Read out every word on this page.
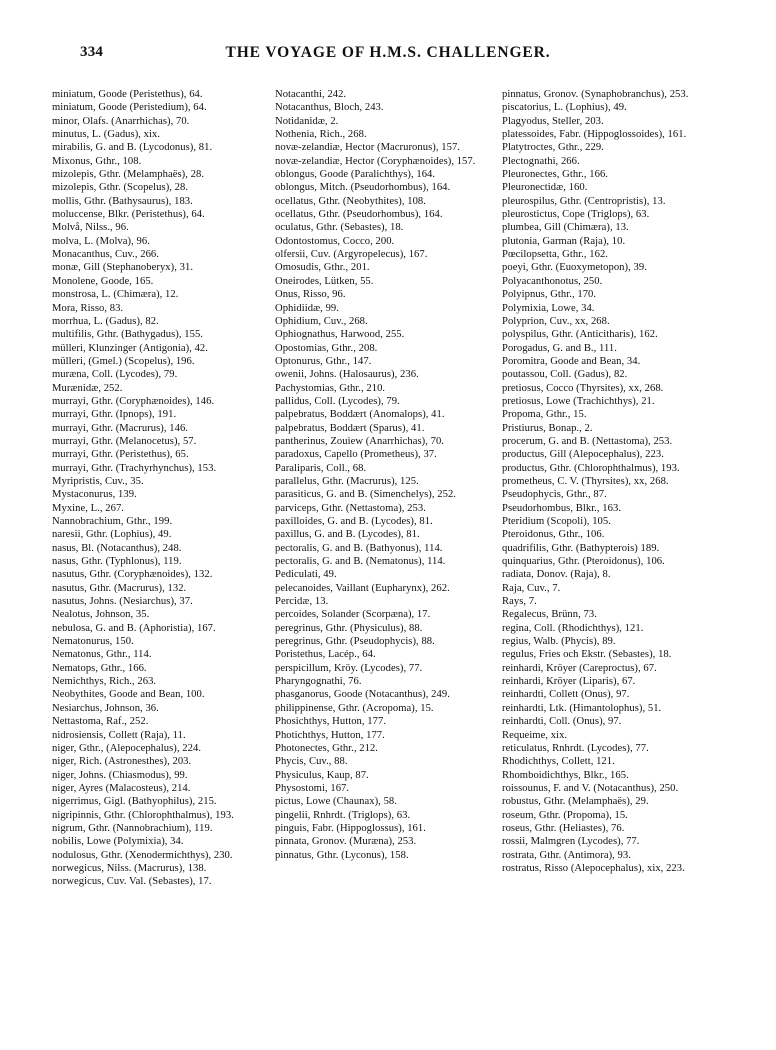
334	THE VOYAGE OF H.M.S. CHALLENGER.
miniatum, Goode (Peristethus), 64.
miniatum, Goode (Peristedium), 64.
minor, Olafs. (Anarrhichas), 70.
minutus, L. (Gadus), xix.
mirabilis, G. and B. (Lycodonus), 81.
Mixonus, Gthr., 108.
mizolepis, Gthr. (Melamphaës), 28.
mizolepis, Gthr. (Scopelus), 28.
mollis, Gthr. (Bathysaurus), 183.
moluccense, Blkr. (Peristethus), 64.
Molvå, Nilss., 96.
molva, L. (Molva), 96.
Monacanthus, Cuv., 266.
monæ, Gill (Stephanoberyx), 31.
Monolene, Goode, 165.
monstrosa, L. (Chimæra), 12.
Mora, Risso, 83.
morrhua, L. (Gadus), 82.
multifilis, Gthr. (Bathygadus), 155.
mülleri, Klunzinger (Antigonia), 42.
mülleri, (Gmel.) (Scopelus), 196.
muræna, Coll. (Lycodes), 79.
Murænidæ, 252.
murrayi, Gthr. (Coryphænoides), 146.
murrayi, Gthr. (Ipnops), 191.
murrayi, Gthr. (Macrurus), 146.
murrayi, Gthr. (Melanocetus), 57.
murrayi, Gthr. (Peristethus), 65.
murrayi, Gthr. (Trachyrhynchus), 153.
Myripristis, Cuv., 35.
Mystaconurus, 139.
Myxine, L., 267.
Nannobrachium, Gthr., 199.
naresii, Gthr. (Lophius), 49.
nasus, Bl. (Notacanthus), 248.
nasus, Gthr. (Typhlonus), 119.
nasutus, Gthr. (Coryphænoides), 132.
nasutus, Gthr. (Macrurus), 132.
nasutus, Johns. (Nesiarchus), 37.
Nealotus, Johnson, 35.
nebulosa, G. and B. (Aphoristia), 167.
Nematonurus, 150.
Nematonus, Gthr., 114.
Nematops, Gthr., 166.
Nemichthys, Rich., 263.
Neobythites, Goode and Bean, 100.
Nesiarchus, Johnson, 36.
Nettastoma, Raf., 252.
nidrosiensis, Collett (Raja), 11.
niger, Gthr., (Alepocephalus), 224.
niger, Rich. (Astronesthes), 203.
niger, Johns. (Chiasmodus), 99.
niger, Ayres (Malacosteus), 214.
nigerrimus, Gigl. (Bathyophilus), 215.
nigripinnis, Gthr. (Chlorophthalmus), 193.
nigrum, Gthr. (Nannobrachium), 119.
nobilis, Lowe (Polymixia), 34.
nodulosus, Gthr. (Xenodermichthys), 230.
norwegicus, Nilss. (Macrurus), 138.
norwegicus, Cuv. Val. (Sebastes), 17.
Notacanthi, 242.
Notacanthus, Bloch, 243.
Notidanidæ, 2.
Nothenia, Rich., 268.
novæ-zelandiæ, Hector (Macruronus), 157.
novæ-zelandiæ, Hector (Coryphænoides), 157.
oblongus, Goode (Paralichthys), 164.
oblongus, Mitch. (Pseudorhombus), 164.
ocellatus, Gthr. (Neobythites), 108.
ocellatus, Gthr. (Pseudorhombus), 164.
oculatus, Gthr. (Sebastes), 18.
Odontostomus, Cocco, 200.
olfersii, Cuv. (Argyropelecus), 167.
Omosudis, Gthr., 201.
Oneirodes, Lütken, 55.
Onus, Risso, 96.
Ophidiidæ, 99.
Ophidium, Cuv., 268.
Ophiognathus, Harwood, 255.
Opostomias, Gthr., 208.
Optonurus, Gthr., 147.
owenii, Johns. (Halosaurus), 236.
Pachystomias, Gthr., 210.
pallidus, Coll. (Lycodes), 79.
palpebratus, Boddært (Anomalops), 41.
palpebratus, Boddært (Sparus), 41.
pantherinus, Zouiew (Anarrhichas), 70.
paradoxus, Capello (Prometheus), 37.
Paraliparis, Coll., 68.
parallelus, Gthr. (Macrurus), 125.
parasiticus, G. and B. (Simenchelys), 252.
parviceps, Gthr. (Nettastoma), 253.
paxilloides, G. and B. (Lycodes), 81.
paxillus, G. and B. (Lycodes), 81.
pectoralis, G. and B. (Bathyonus), 114.
pectoralis, G. and B. (Nematonus), 114.
Pediculati, 49.
pelecanoides, Vaillant (Eupharynx), 262.
Percidæ, 13.
percoides, Solander (Scorpæna), 17.
peregrinus, Gthr. (Physiculus), 88.
peregrinus, Gthr. (Pseudophycis), 88.
Poristethus, Lacép., 64.
perspicillum, Kröy. (Lycodes), 77.
Pharyngognathi, 76.
phasganorus, Goode (Notacanthus), 249.
philippinense, Gthr. (Acropoma), 15.
Phosichthys, Hutton, 177.
Photichthys, Hutton, 177.
Photonectes, Gthr., 212.
Phycis, Cuv., 88.
Physiculus, Kaup, 87.
Physostomi, 167.
pictus, Lowe (Chaunax), 58.
pingelii, Rnhrdt. (Triglops), 63.
pinguis, Fabr. (Hippoglossus), 161.
pinnata, Gronov. (Muræna), 253.
pinnatus, Gthr. (Lyconus), 158.
pinnatus, Gronov. (Synaphobranchus), 253.
piscatorius, L. (Lophius), 49.
Plagyodus, Steller, 203.
platessoides, Fabr. (Hippoglossoides), 161.
Platytroctes, Gthr., 229.
Plectognathi, 266.
Pleuronectes, Gthr., 166.
Pleuronectidæ, 160.
pleurospilus, Gthr. (Centropristis), 13.
pleurostictus, Cope (Triglops), 63.
plumbea, Gill (Chimæra), 13.
plutonia, Garman (Raja), 10.
Pœcilopsetta, Gthr., 162.
poeyi, Gthr. (Euoxymetopon), 39.
Polyacanthonotus, 250.
Polyipnus, Gthr., 170.
Polymixia, Lowe, 34.
Polyprion, Cuv., xx, 268.
polyspilus, Gthr. (Anticitharis), 162.
Porogadus, G. and B., 111.
Poromitra, Goode and Bean, 34.
poutassou, Coll. (Gadus), 82.
pretiosus, Cocco (Thyrsites), xx, 268.
pretiosus, Lowe (Trachichthys), 21.
Propoma, Gthr., 15.
Pristiurus, Bonap., 2.
procerum, G. and B. (Nettastoma), 253.
productus, Gill (Alepocephalus), 223.
productus, Gthr. (Chlorophthalmus), 193.
prometheus, C. V. (Thyrsites), xx, 268.
Pseudophycis, Gthr., 87.
Pseudorhombus, Blkr., 163.
Pteridium (Scopoli), 105.
Pteroidonus, Gthr., 106.
quadrifilis, Gthr. (Bathypterois) 189.
quinquarius, Gthr. (Pteroidonus), 106.
radiata, Donov. (Raja), 8.
Raja, Cuv., 7.
Rays, 7.
Regalecus, Brünn, 73.
regina, Coll. (Rhodichthys), 121.
regius, Walb. (Phycis), 89.
regulus, Fries och Ekstr. (Sebastes), 18.
reinhardi, Kröyer (Careproctus), 67.
reinhardi, Kröyer (Liparis), 67.
reinhardti, Collett (Onus), 97.
reinhardti, Ltk. (Himantolophus), 51.
reinhardti, Coll. (Onus), 97.
Requeime, xix.
reticulatus, Rnhrdt. (Lycodes), 77.
Rhodichthys, Collett, 121.
Rhomboidichthys, Blkr., 165.
roissounus, F. and V. (Notacanthus), 250.
robustus, Gthr. (Melamphaës), 29.
roseum, Gthr. (Propoma), 15.
roseus, Gthr. (Heliastes), 76.
rossii, Malmgren (Lycodes), 77.
rostrata, Gthr. (Antimora), 93.
rostratus, Risso (Alepocephalus), xix, 223.
